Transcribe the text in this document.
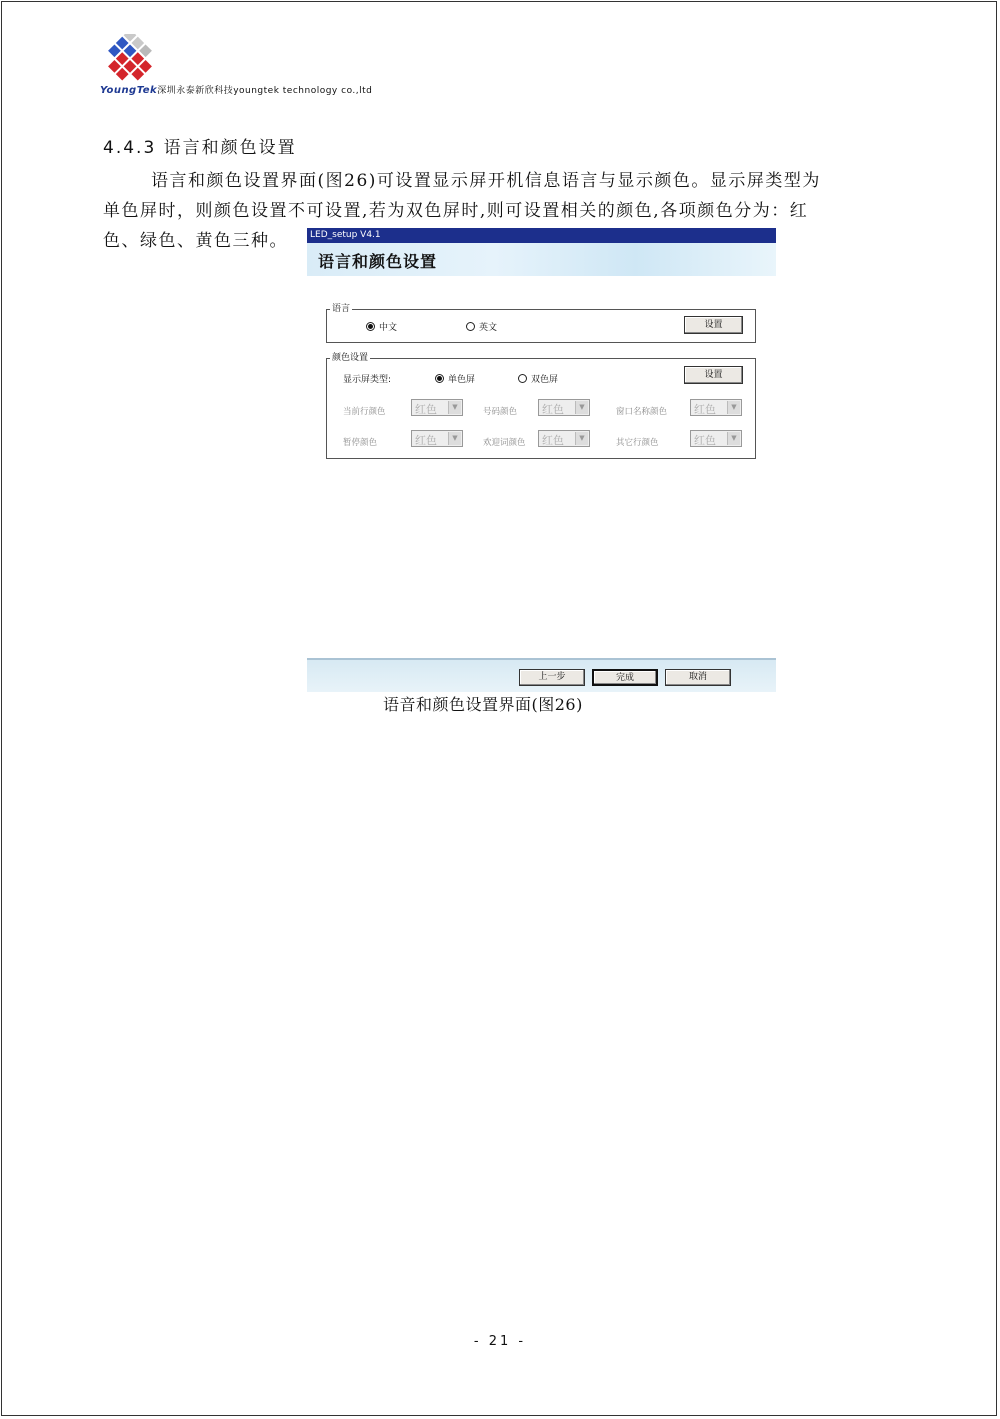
YoungTek深圳永泰新欣科技youngtek technology co.,ltd
4.4.3 语言和颜色设置
语言和颜色设置界面(图26)可设置显示屏开机信息语言与显示颜色。显示屏类型为
单色屏时，则颜色设置不可设置,若为双色屏时,则可设置相关的颜色,各项颜色分为：红
色、绿色、黄色三种。	LED_setup V4.1
语言和颜色设置
语言
中文	英文	设置
颜色设置
显示屏类型:	单色屏	双色屏	设置
当前行颜色	红色	▼	号码颜色 红色	▼	窗口名称颜色 红色	▼
暂停颜色	红色	▼	欢迎词颜色 红色	▼	其它行颜色	红色	▼
上一步	完成	取消
语音和颜色设置界面(图26)
- 21 -
